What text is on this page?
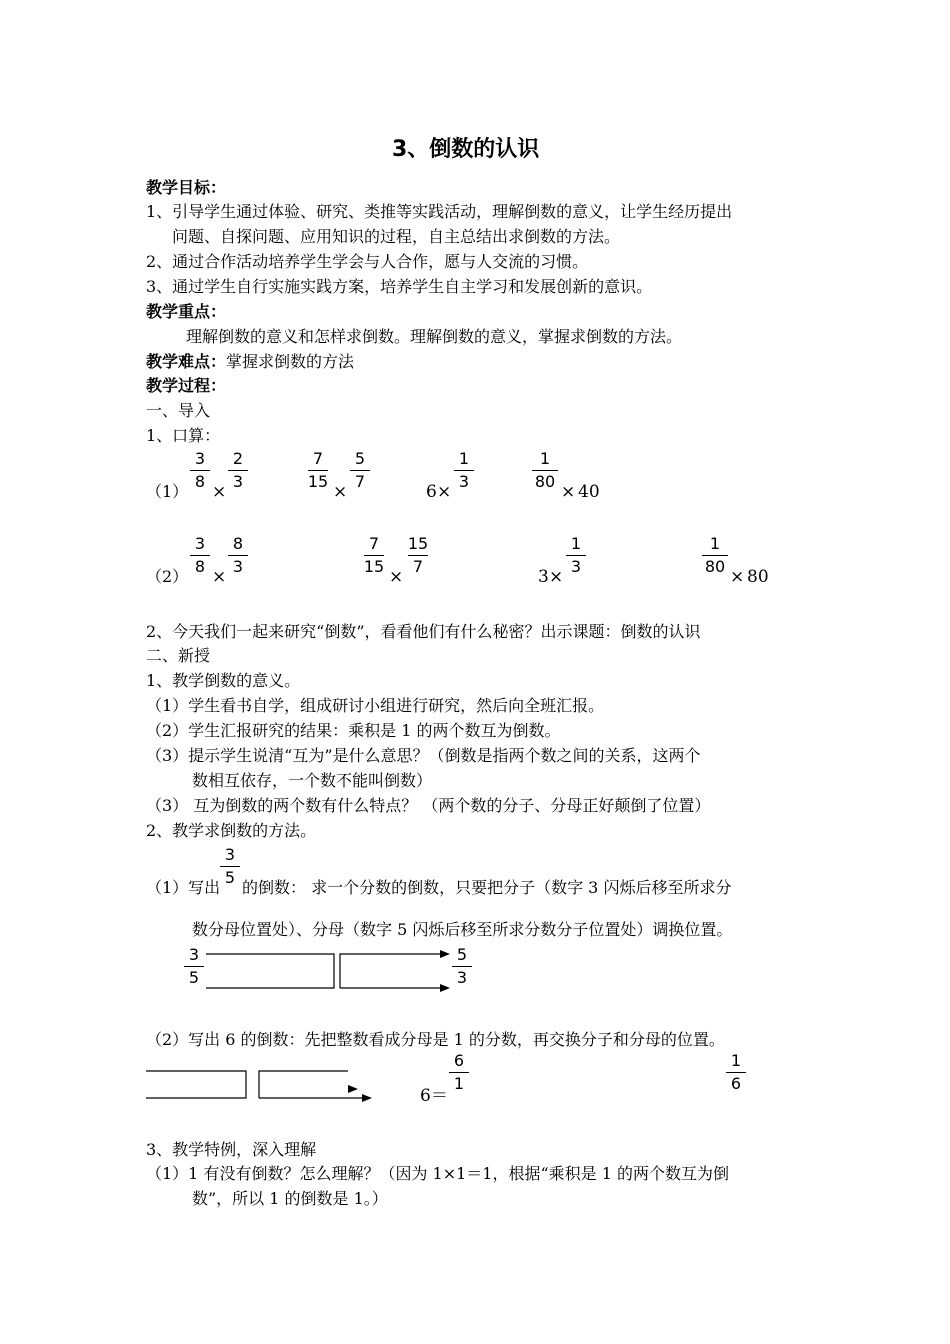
3、倒数的认识
教学目标：
1、引导学生通过体验、研究、类推等实践活动，理解倒数的意义，让学生经历提出
问题、自探问题、应用知识的过程，自主总结出求倒数的方法。
2、通过合作活动培养学生学会与人合作，愿与人交流的习惯。
3、通过学生自行实施实践方案，培养学生自主学习和发展创新的意识。
教学重点：
理解倒数的意义和怎样求倒数。理解倒数的意义，掌握求倒数的方法。
教学难点：掌握求倒数的方法
教学过程：
一、导入
1、口算：
（1）
3
8
×
2
3
7
15
×
5
7
6 ×
1
3
1
80
× 40
（2）
3
8
×
8
3
7
15
×
15
7
3 ×
1
3
1
80
× 80
2、今天我们一起来研究“倒数”，看看他们有什么秘密？出示课题：倒数的认识
二、新授
1、教学倒数的意义。
（1）学生看书自学，组成研讨小组进行研究，然后向全班汇报。
（2）学生汇报研究的结果：乘积是 1 的两个数互为倒数。
（3）提示学生说清“互为”是什么意思？（倒数是指两个数之间的关系，这两个
数相互依存，一个数不能叫倒数）
（3） 互为倒数的两个数有什么特点？ （两个数的分子、分母正好颠倒了位置）
2、教学求倒数的方法。
（1）写出
3
5
的倒数： 求一个分数的倒数，只要把分子（数字 3 闪烁后移至所求分
数分母位置处）、分母（数字 5 闪烁后移至所求分数分子位置处）调换位置。
3
5
5
3
（2）写出 6 的倒数：先把整数看成分母是 1 的分数，再交换分子和分母的位置。
6＝
6
1
1
6
3、教学特例，深入理解
（1）1 有没有倒数？怎么理解？（因为 1×1＝1，根据“乘积是 1 的两个数互为倒
数”，所以 1 的倒数是 1。）
